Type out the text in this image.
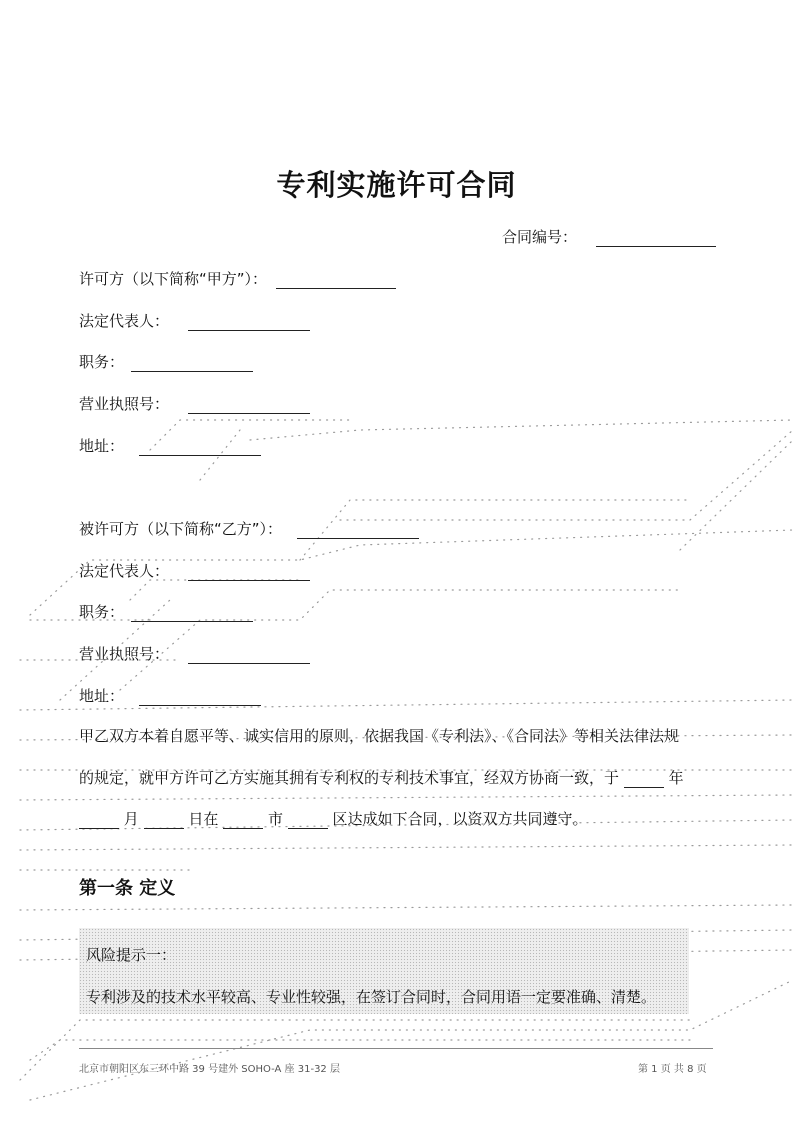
专利实施许可合同
合同编号：
许可方（以下简称“甲方”）：
法定代表人：
职务：
营业执照号：
地址：
被许可方（以下简称“乙方”）：
法定代表人：
职务：
营业执照号：
地址：
甲乙双方本着自愿平等、诚实信用的原则，依据我国《专利法》、《合同法》等相关法律法规
的规定，就甲方许可乙方实施其拥有专利权的专利技术事宜，经双方协商一致，于	年
月	日在	市	区达成如下合同，以资双方共同遵守。
第一条 定义
风险提示一：
专利涉及的技术水平较高、专业性较强，在签订合同时，合同用语一定要准确、清楚。
北京市朝阳区东三环中路 39 号建外 SOHO-A 座 31-32 层	第 1 页 共 8 页
